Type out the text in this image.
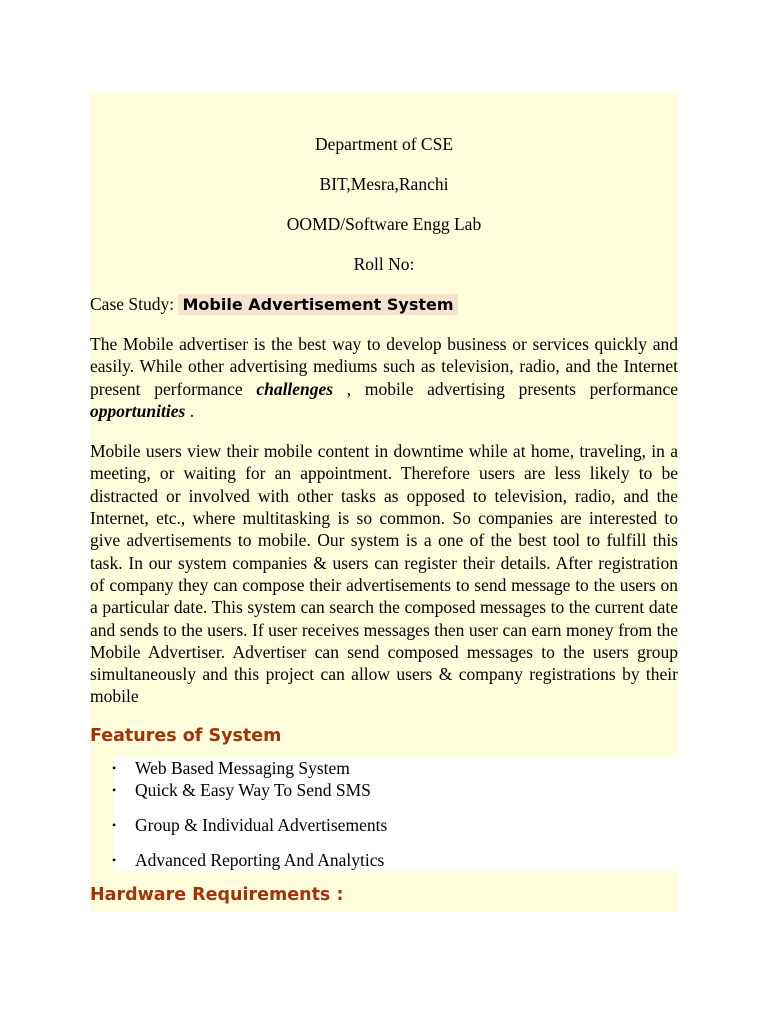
Department of CSE
BIT,Mesra,Ranchi
OOMD/Software Engg Lab
Roll No:
Case Study: Mobile Advertisement System

The Mobile advertiser is the best way to develop business or services quickly and easily. While other advertising mediums such as television, radio, and the Internet present performance challenges , mobile advertising presents performance opportunities .

Mobile users view their mobile content in downtime while at home, traveling, in a meeting, or waiting for an appointment. Therefore users are less likely to be distracted or involved with other tasks as opposed to television, radio, and the Internet, etc., where multitasking is so common. So companies are interested to give advertisements to mobile. Our system is a one of the best tool to fulfill this task. In our system companies & users can register their details. After registration of company they can compose their advertisements to send message to the users on a particular date. This system can search the composed messages to the current date and sends to the users. If user receives messages then user can earn money from the Mobile Advertiser. Advertiser can send composed messages to the users group simultaneously and this project can allow users & company registrations by their mobile

Features of System
• Web Based Messaging System
• Quick & Easy Way To Send SMS
• Group & Individual Advertisements
• Advanced Reporting And Analytics
Hardware Requirements :
